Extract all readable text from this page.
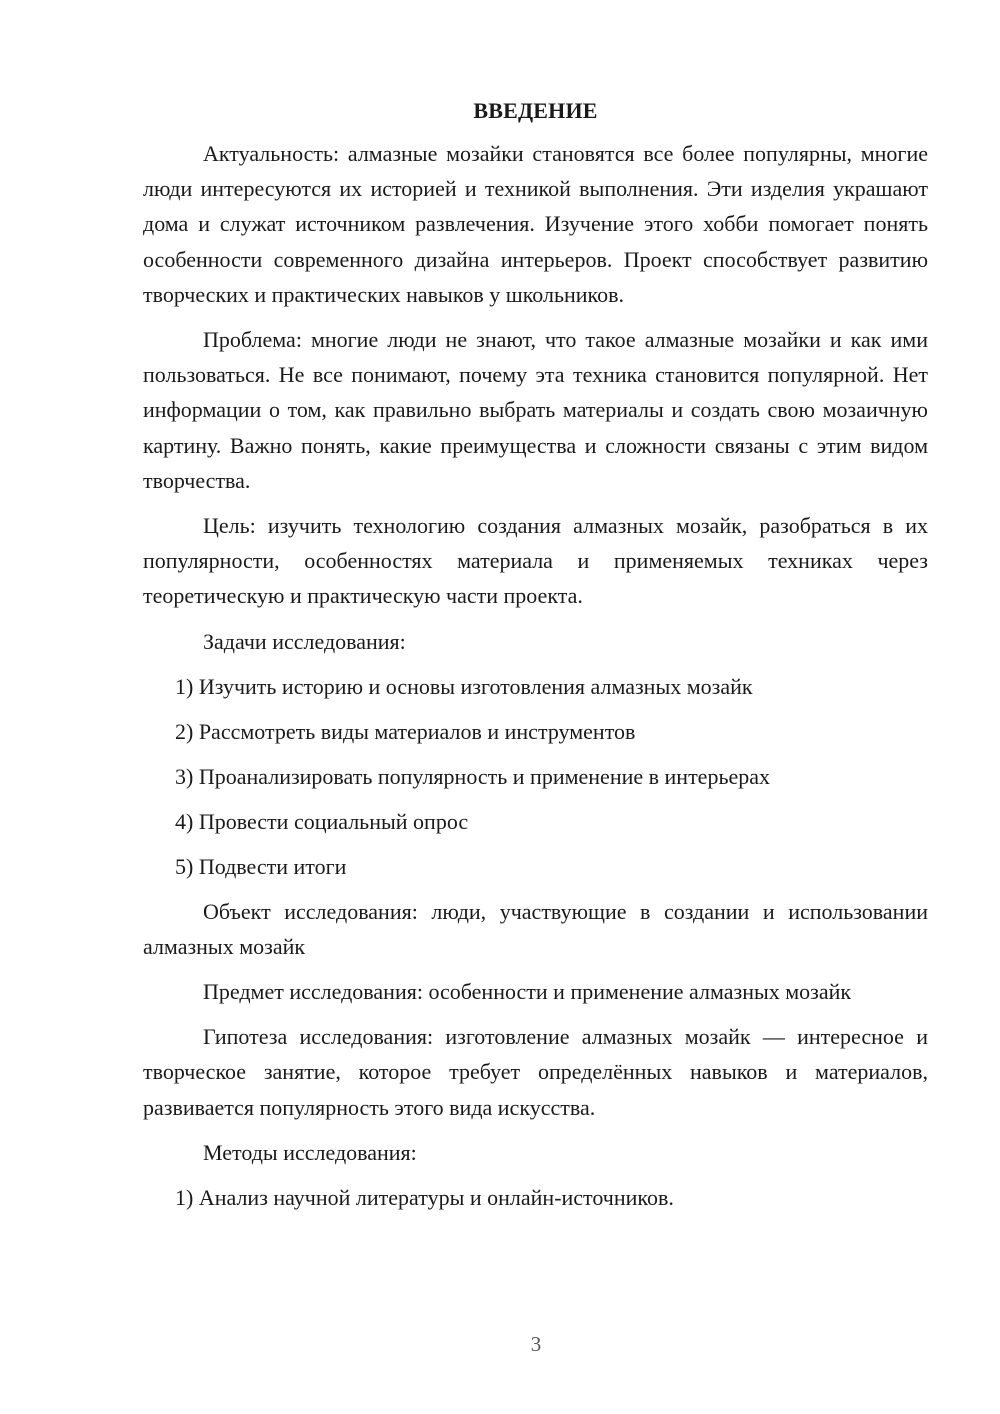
ВВЕДЕНИЕ

Актуальность: алмазные мозайки становятся все более популярны, многие люди интересуются их историей и техникой выполнения. Эти изделия украшают дома и служат источником развлечения. Изучение этого хобби помогает понять особенности современного дизайна интерьеров. Проект способствует развитию творческих и практических навыков у школьников.

Проблема: многие люди не знают, что такое алмазные мозайки и как ими пользоваться. Не все понимают, почему эта техника становится популярной. Нет информации о том, как правильно выбрать материалы и создать свою мозаичную картину. Важно понять, какие преимущества и сложности связаны с этим видом творчества.

Цель: изучить технологию создания алмазных мозайк, разобраться в их популярности, особенностях материала и применяемых техниках через теоретическую и практическую части проекта.

Задачи исследования:

1) Изучить историю и основы изготовления алмазных мозайк
2) Рассмотреть виды материалов и инструментов
3) Проанализировать популярность и применение в интерьерах
4) Провести социальный опрос
5) Подвести итоги

Объект исследования: люди, участвующие в создании и использовании алмазных мозайк

Предмет исследования: особенности и применение алмазных мозайк

Гипотеза исследования: изготовление алмазных мозайк — интересное и творческое занятие, которое требует определённых навыков и материалов, развивается популярность этого вида искусства.

Методы исследования:

1) Анализ научной литературы и онлайн-источников.
3
